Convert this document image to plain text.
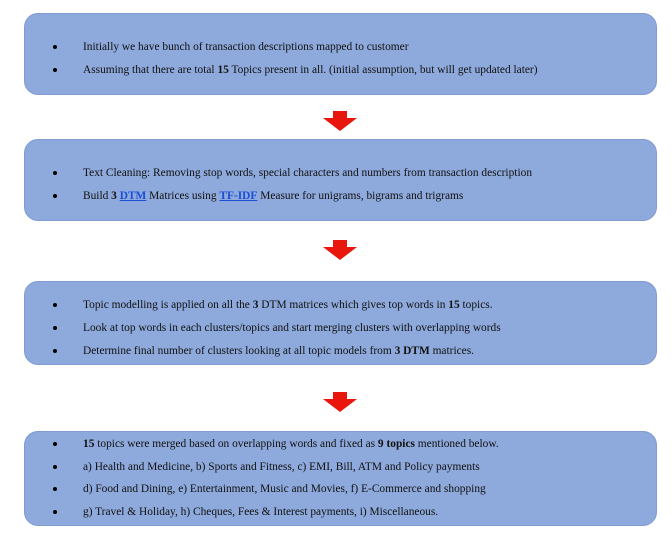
Initially we have bunch of transaction descriptions mapped to customer
Assuming that there are total 15 Topics present in all. (initial assumption, but will get updated later)
Text Cleaning: Removing stop words, special characters and numbers from transaction description
Build 3 DTM Matrices using TF-IDF Measure for unigrams, bigrams and trigrams
Topic modelling is applied on all the 3 DTM matrices which gives top words in 15 topics.
Look at top words in each clusters/topics and start merging clusters with overlapping words
Determine final number of clusters looking at all topic models from 3 DTM matrices.
15 topics were merged based on overlapping words and fixed as 9 topics mentioned below.
a) Health and Medicine, b) Sports and Fitness, c) EMI, Bill, ATM and Policy payments
d) Food and Dining, e) Entertainment, Music and Movies, f) E-Commerce and shopping
g) Travel & Holiday, h) Cheques, Fees & Interest payments, i) Miscellaneous.
